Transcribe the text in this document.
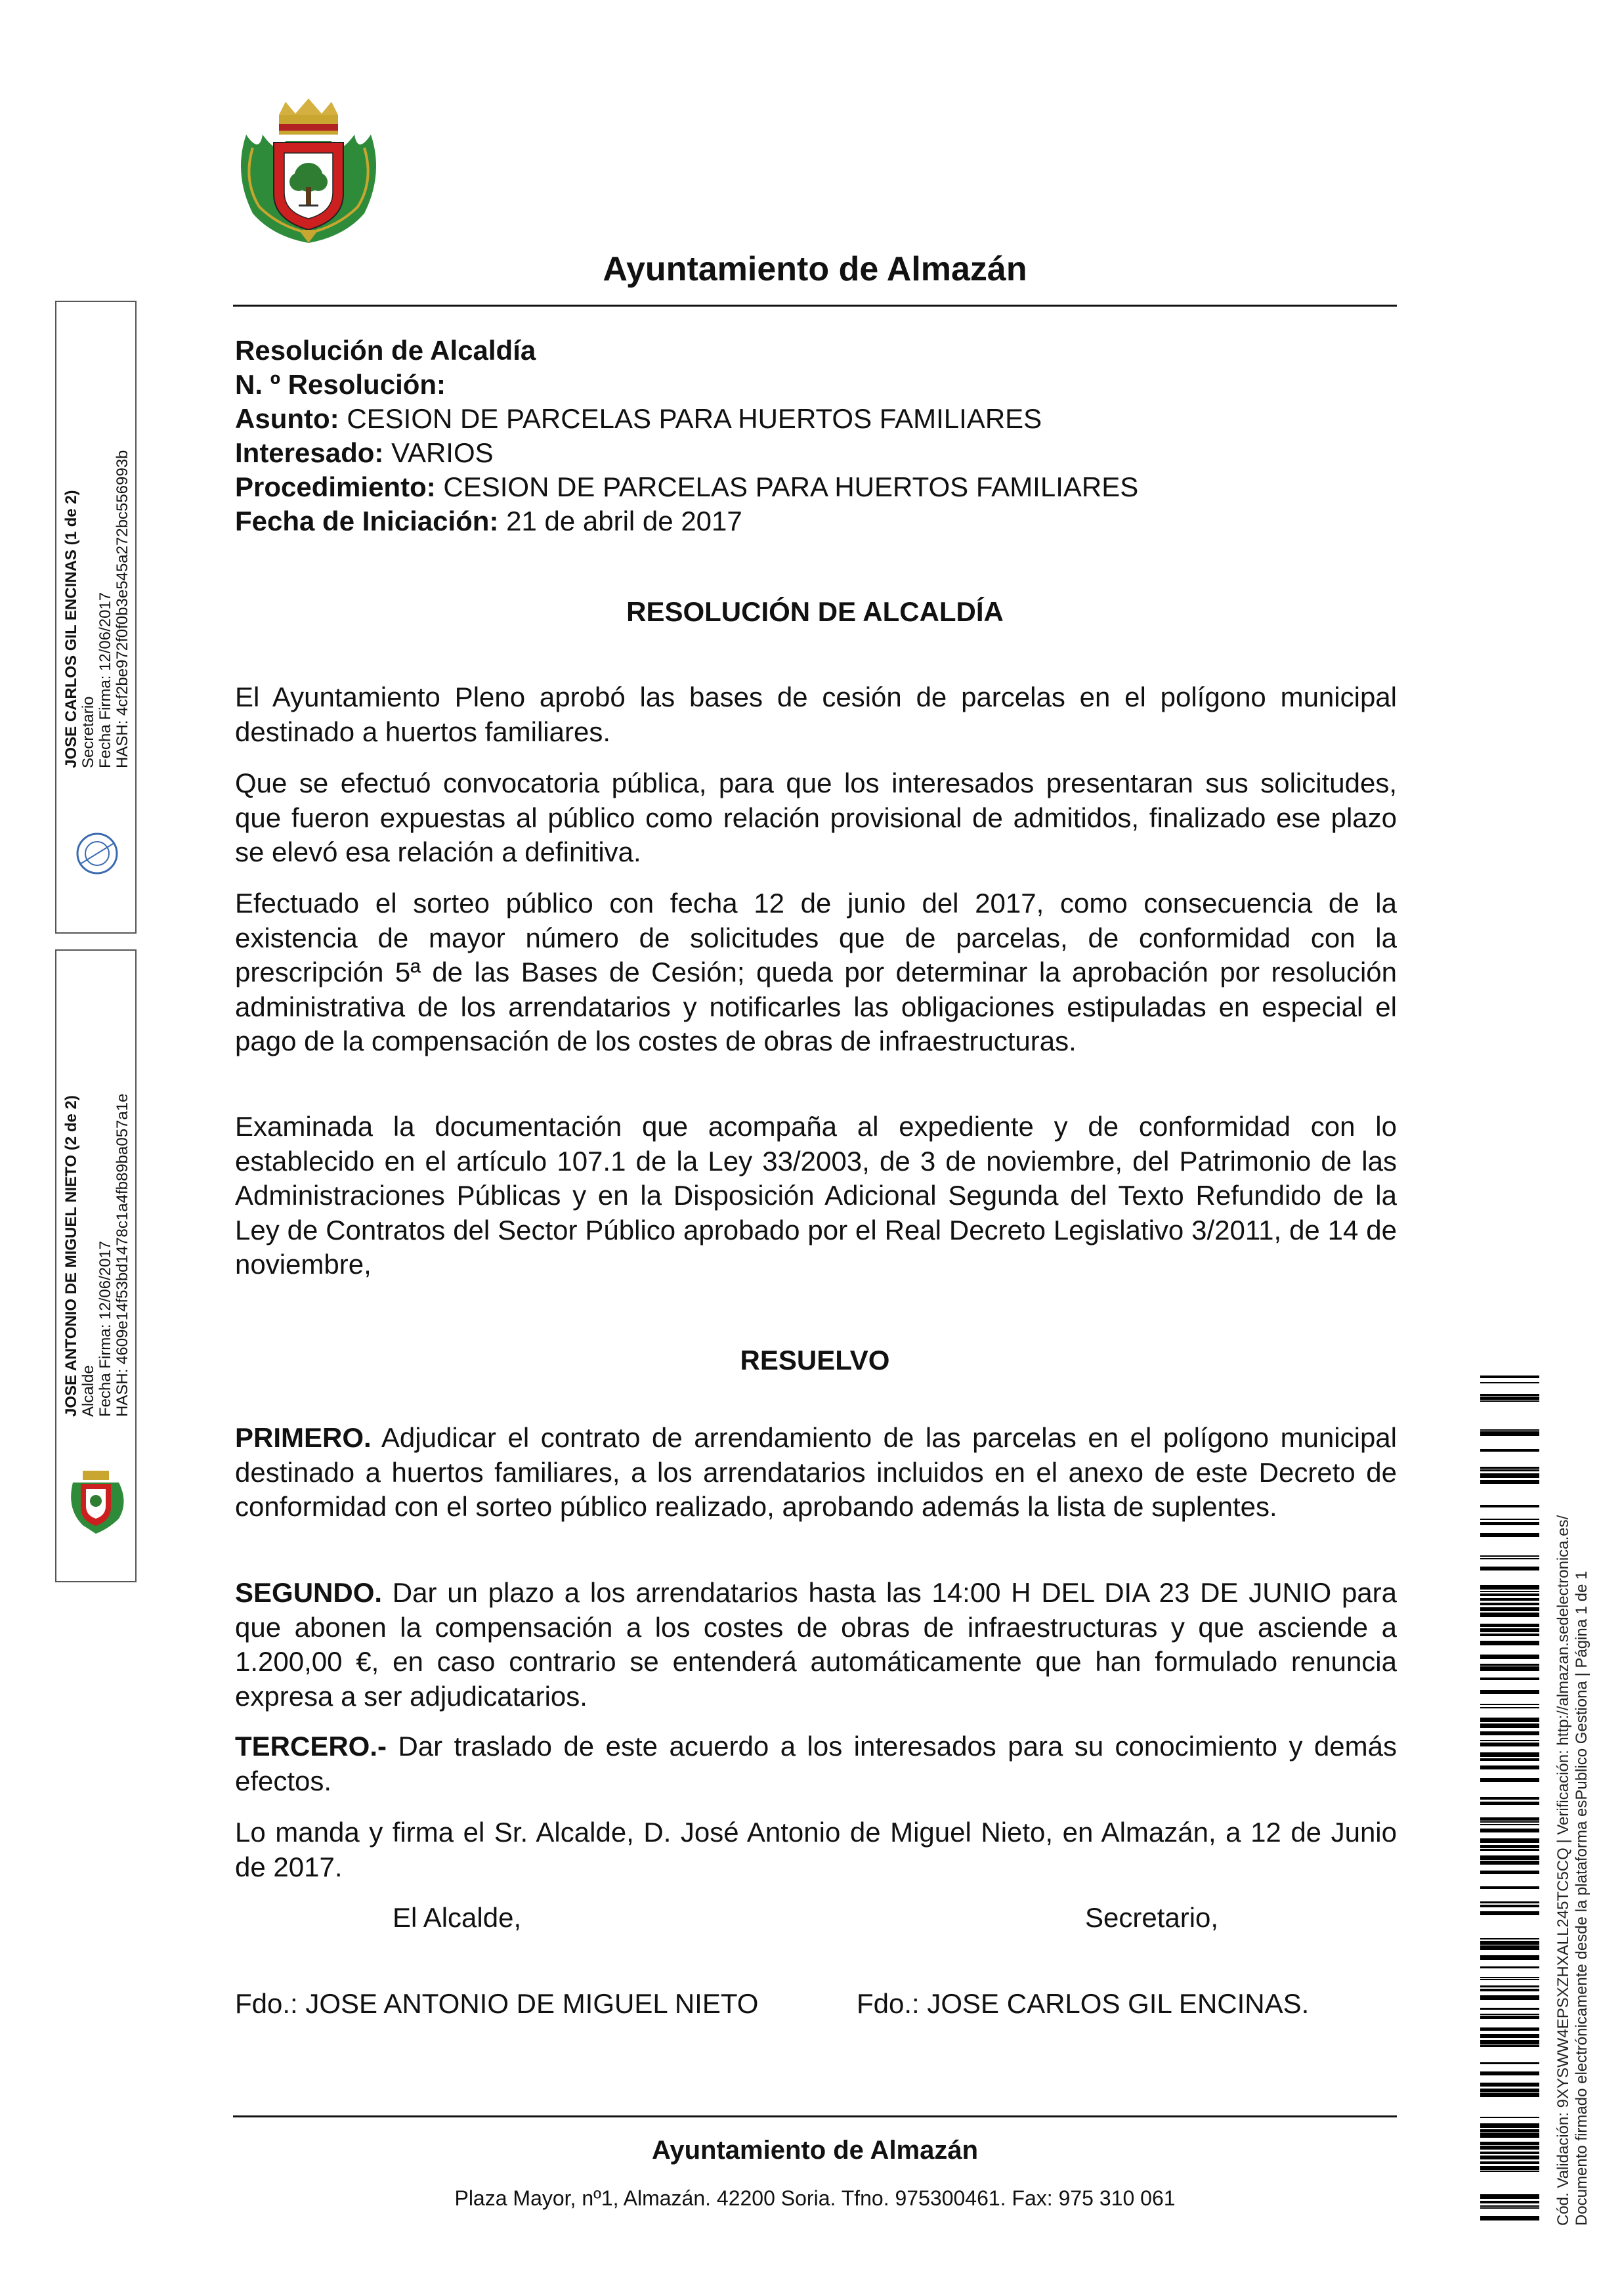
Ayuntamiento de Almazán
Resolución de Alcaldía
N. º Resolución:
Asunto: CESION DE PARCELAS PARA HUERTOS FAMILIARES
Interesado: VARIOS
Procedimiento: CESION DE PARCELAS PARA HUERTOS FAMILIARES
Fecha de Iniciación: 21 de abril de 2017
RESOLUCIÓN DE ALCALDÍA
El Ayuntamiento Pleno aprobó las bases de cesión de parcelas en el polígono municipal destinado a huertos familiares.
Que se efectuó convocatoria pública, para que los interesados presentaran sus solicitudes, que fueron expuestas al público como relación provisional de admitidos, finalizado ese plazo se elevó esa relación a definitiva.
Efectuado el sorteo público con fecha 12 de junio del 2017, como consecuencia de la existencia de mayor número de solicitudes que de parcelas, de conformidad con la prescripción 5ª de las Bases de Cesión; queda por determinar la aprobación por resolución administrativa de los arrendatarios y notificarles las obligaciones estipuladas en especial el pago de la compensación de los costes de obras de infraestructuras.
Examinada la documentación que acompaña al expediente y de conformidad con lo establecido en el artículo 107.1 de la Ley 33/2003, de 3 de noviembre, del Patrimonio de las Administraciones Públicas y en la Disposición Adicional Segunda del Texto Refundido de la Ley de Contratos del Sector Público aprobado por el Real Decreto Legislativo 3/2011, de 14 de noviembre,
RESUELVO
PRIMERO. Adjudicar el contrato de arrendamiento de las parcelas en el polígono municipal destinado a huertos familiares, a los arrendatarios incluidos en el anexo de este Decreto de conformidad con el sorteo público realizado, aprobando además la lista de suplentes.
SEGUNDO. Dar un plazo a los arrendatarios hasta las 14:00 H DEL DIA 23 DE JUNIO para que abonen la compensación a los costes de obras de infraestructuras y que asciende a 1.200,00 €, en caso contrario se entenderá automáticamente que han formulado renuncia expresa a ser adjudicatarios.
TERCERO.- Dar traslado de este acuerdo a los interesados para su conocimiento y demás efectos.
Lo manda y firma el Sr. Alcalde, D. José Antonio de Miguel Nieto, en Almazán, a 12 de Junio de 2017.
El Alcalde,	Secretario,
Fdo.: JOSE ANTONIO DE MIGUEL NIETO	Fdo.: JOSE CARLOS GIL ENCINAS.
Ayuntamiento de Almazán
Plaza Mayor, nº1, Almazán. 42200 Soria. Tfno. 975300461. Fax: 975 310 061
JOSE CARLOS GIL ENCINAS (1 de 2) Secretario Fecha Firma: 12/06/2017 HASH: 4cf2be972f0f0b3e545a272bc556993b
JOSE ANTONIO DE MIGUEL NIETO (2 de 2) Alcalde Fecha Firma: 12/06/2017 HASH: 4609e14f53bd1478c1a4fb89ba057a1e
Cód. Validación: 9XYSWW4EPSXZHXALL245TC5CQ | Verificación: http://almazan.sedelectronica.es/ Documento firmado electrónicamente desde la plataforma esPublico Gestiona | Página 1 de 1
